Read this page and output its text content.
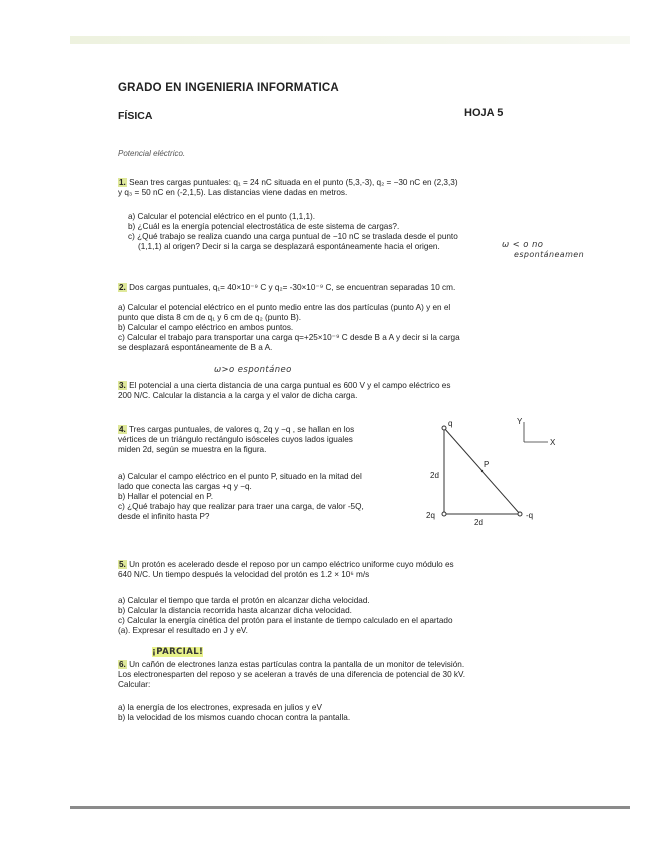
GRADO EN INGENIERIA INFORMATICA
FÍSICA	HOJA 5
Potencial eléctrico.
1. Sean tres cargas puntuales: q₁ = 24 nC situada en el punto (5,3,-3), q₂ = −30 nC en (2,3,3)
y q₃ = 50 nC en (-2,1,5). Las distancias viene dadas en metros.
a) Calcular el potencial eléctrico en el punto (1,1,1).
b) ¿Cuál es la energía potencial electrostática de este sistema de cargas?.
c) ¿Qué trabajo se realiza cuando una carga puntual de −10 nC se traslada desde el punto
(1,1,1) al origen? Decir si la carga se desplazará espontáneamente hacia el origen.	ω < o no
espontáneamen
2. Dos cargas puntuales, q₁= 40×10⁻⁹ C y q₂= -30×10⁻⁹ C, se encuentran separadas 10 cm.
a) Calcular el potencial eléctrico en el punto medio entre las dos partículas (punto A) y en el
punto que dista 8 cm de q₁ y 6 cm de q₂ (punto B).
b) Calcular el campo eléctrico en ambos puntos.
c) Calcular el trabajo para transportar una carga q=+25×10⁻⁹ C desde B a A y decir si la carga
se desplazará espontáneamente de B a A.
ω>o espontáneo
3. El potencial a una cierta distancia de una carga puntual es 600 V y el campo eléctrico es
200 N/C. Calcular la distancia a la carga y el valor de dicha carga.
4. Tres cargas puntuales, de valores q, 2q y −q , se hallan en los
vértices de un triángulo rectángulo isósceles cuyos lados iguales
miden 2d, según se muestra en la figura.
a) Calcular el campo eléctrico en el punto P, situado en la mitad del
lado que conecta las cargas +q y −q.
b) Hallar el potencial en P.
c) ¿Qué trabajo hay que realizar para traer una carga, de valor -5Q,
desde el infinito hasta P?
q
2q	-q
P
2d
2d
Y
X
5. Un protón es acelerado desde el reposo por un campo eléctrico uniforme cuyo módulo es
640 N/C. Un tiempo después la velocidad del protón es 1.2 × 10⁶ m/s
a) Calcular el tiempo que tarda el protón en alcanzar dicha velocidad.
b) Calcular la distancia recorrida hasta alcanzar dicha velocidad.
c) Calcular la energía cinética del protón para el instante de tiempo calculado en el apartado
(a). Expresar el resultado en J y eV.
¡PARCIAL!
6. Un cañón de electrones lanza estas partículas contra la pantalla de un monitor de televisión.
Los electronesparten del reposo y se aceleran a través de una diferencia de potencial de 30 kV.
Calcular:
a) la energía de los electrones, expresada en julios y eV
b) la velocidad de los mismos cuando chocan contra la pantalla.
